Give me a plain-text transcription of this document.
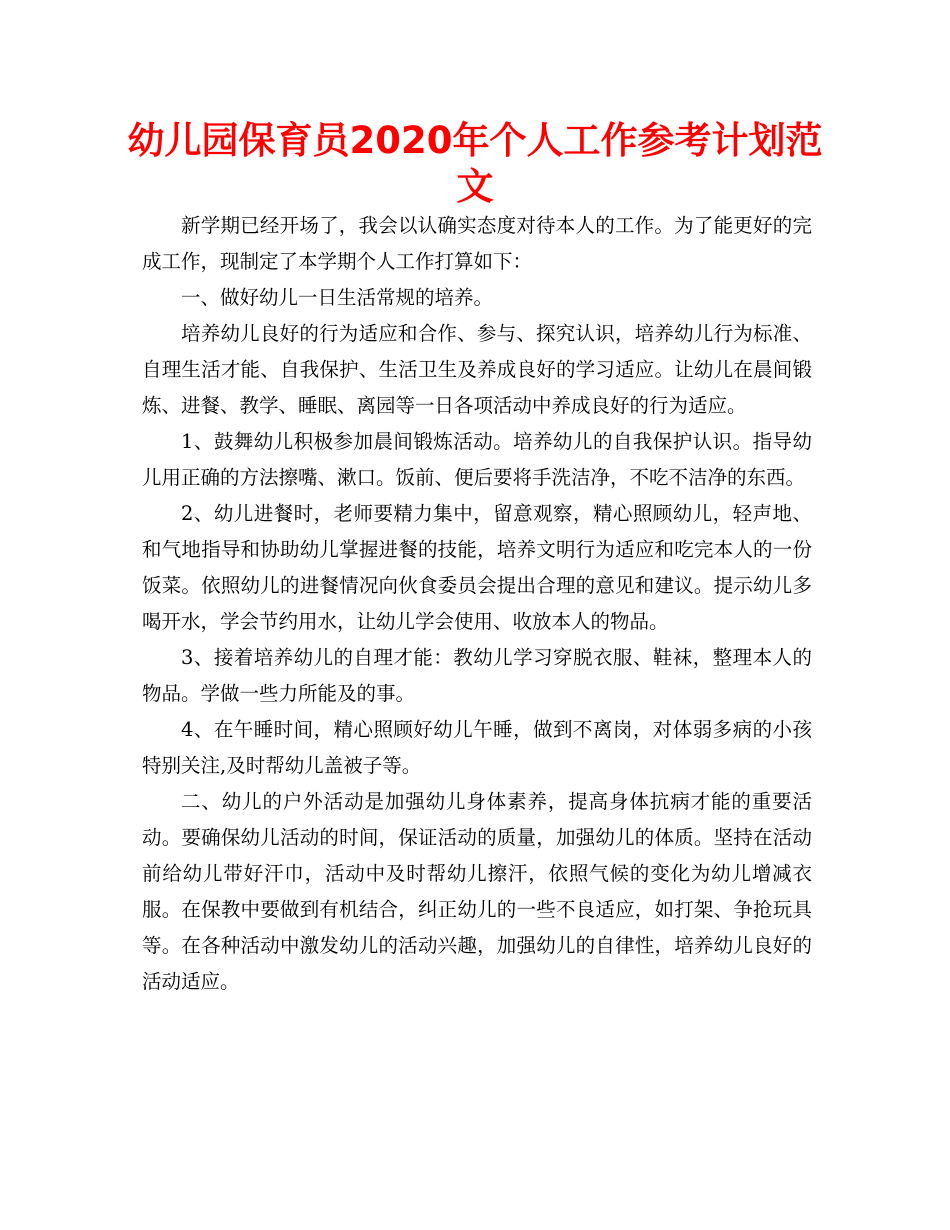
幼儿园保育员2020年个人工作参考计划范文

新学期已经开场了，我会以认确实态度对待本人的工作。为了能更好的完成工作，现制定了本学期个人工作打算如下：

一、做好幼儿一日生活常规的培养。

培养幼儿良好的行为适应和合作、参与、探究认识，培养幼儿行为标准、自理生活才能、自我保护、生活卫生及养成良好的学习适应。让幼儿在晨间锻炼、进餐、教学、睡眠、离园等一日各项活动中养成良好的行为适应。

1、鼓舞幼儿积极参加晨间锻炼活动。培养幼儿的自我保护认识。指导幼儿用正确的方法擦嘴、漱口。饭前、便后要将手洗洁净，不吃不洁净的东西。

2、幼儿进餐时，老师要精力集中，留意观察，精心照顾幼儿，轻声地、和气地指导和协助幼儿掌握进餐的技能，培养文明行为适应和吃完本人的一份饭菜。依照幼儿的进餐情况向伙食委员会提出合理的意见和建议。提示幼儿多喝开水，学会节约用水，让幼儿学会使用、收放本人的物品。

3、接着培养幼儿的自理才能：教幼儿学习穿脱衣服、鞋袜，整理本人的物品。学做一些力所能及的事。

4、在午睡时间，精心照顾好幼儿午睡，做到不离岗，对体弱多病的小孩特别关注,及时帮幼儿盖被子等。

二、幼儿的户外活动是加强幼儿身体素养，提高身体抗病才能的重要活动。要确保幼儿活动的时间，保证活动的质量，加强幼儿的体质。坚持在活动前给幼儿带好汗巾，活动中及时帮幼儿擦汗，依照气候的变化为幼儿增减衣服。在保教中要做到有机结合，纠正幼儿的一些不良适应，如打架、争抢玩具等。在各种活动中激发幼儿的活动兴趣，加强幼儿的自律性，培养幼儿良好的活动适应。
